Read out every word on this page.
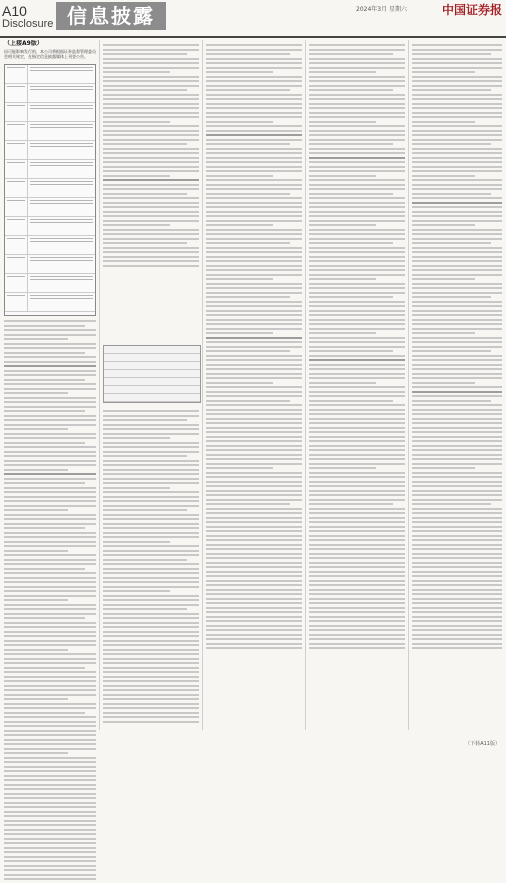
A10
Disclosure 信息披露	2024年3月 星期六	中国证券报
（上接A9版）
因可能影响发行的，本公司将根据证券监督管理委员会相关规定，在指定信息披露媒体上刊登公告。
（下转A11版）
